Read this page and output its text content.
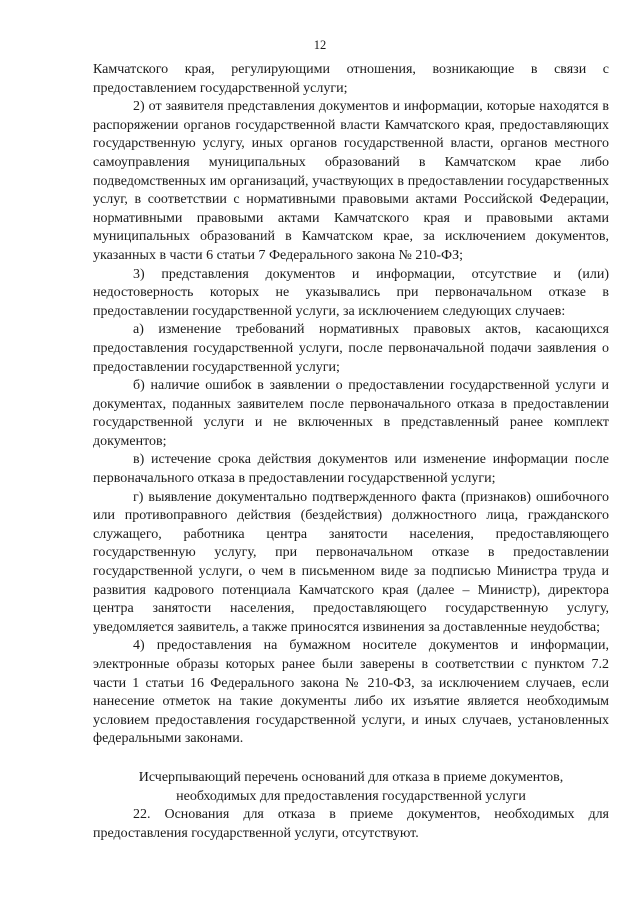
12

Камчатского края, регулирующими отношения, возникающие в связи с предоставлением государственной услуги;

2) от заявителя представления документов и информации, которые находятся в распоряжении органов государственной власти Камчатского края, предоставляющих государственную услугу, иных органов государственной власти, органов местного самоуправления муниципальных образований в Камчатском крае либо подведомственных им организаций, участвующих в предоставлении государственных услуг, в соответствии с нормативными правовыми актами Российской Федерации, нормативными правовыми актами Камчатского края и правовыми актами муниципальных образований в Камчатском крае, за исключением документов, указанных в части 6 статьи 7 Федерального закона № 210-ФЗ;

3) представления документов и информации, отсутствие и (или) недостоверность которых не указывались при первоначальном отказе в предоставлении государственной услуги, за исключением следующих случаев:

а) изменение требований нормативных правовых актов, касающихся предоставления государственной услуги, после первоначальной подачи заявления о предоставлении государственной услуги;

б) наличие ошибок в заявлении о предоставлении государственной услуги и документах, поданных заявителем после первоначального отказа в предоставлении государственной услуги и не включенных в представленный ранее комплект документов;

в) истечение срока действия документов или изменение информации после первоначального отказа в предоставлении государственной услуги;

г) выявление документально подтвержденного факта (признаков) ошибочного или противоправного действия (бездействия) должностного лица, гражданского служащего, работника центра занятости населения, предоставляющего государственную услугу, при первоначальном отказе в предоставлении государственной услуги, о чем в письменном виде за подписью Министра труда и развития кадрового потенциала Камчатского края (далее – Министр), директора центра занятости населения, предоставляющего государственную услугу, уведомляется заявитель, а также приносятся извинения за доставленные неудобства;

4) предоставления на бумажном носителе документов и информации, электронные образы которых ранее были заверены в соответствии с пунктом 7.2 части 1 статьи 16 Федерального закона № 210-ФЗ, за исключением случаев, если нанесение отметок на такие документы либо их изъятие является необходимым условием предоставления государственной услуги, и иных случаев, установленных федеральными законами.

Исчерпывающий перечень оснований для отказа в приеме документов,
необходимых для предоставления государственной услуги

22. Основания для отказа в приеме документов, необходимых для предоставления государственной услуги, отсутствуют.
